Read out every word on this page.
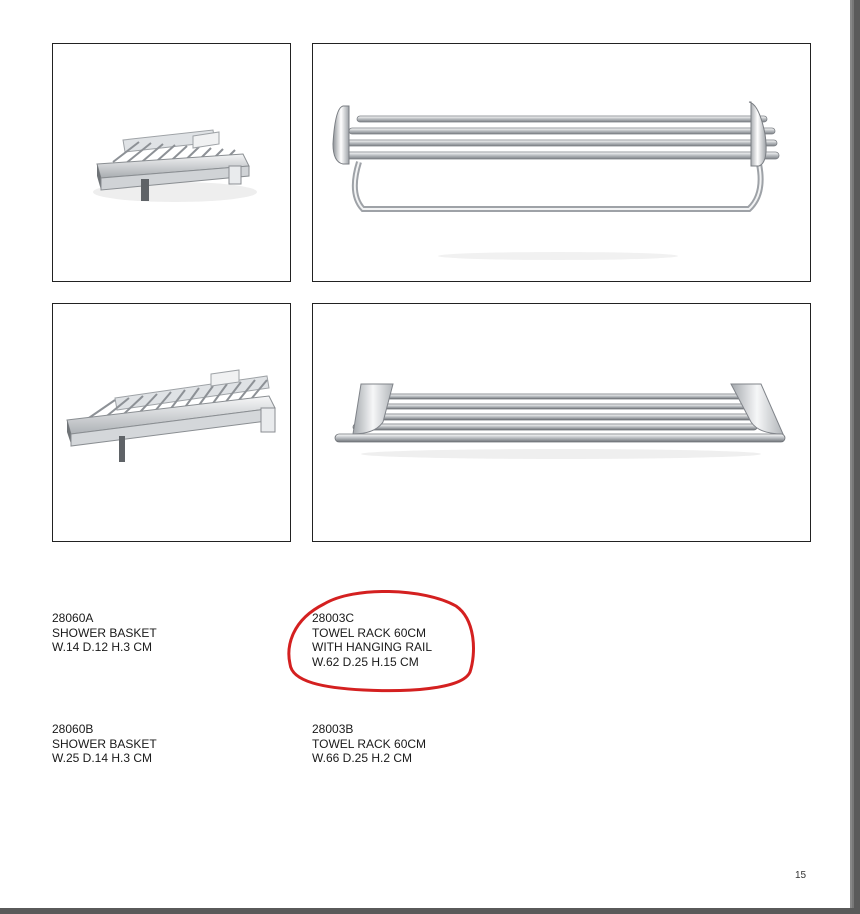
28060A
SHOWER BASKET
W.14 D.12 H.3 CM
28003C
TOWEL RACK 60CM
WITH HANGING RAIL
W.62 D.25 H.15 CM
28060B
SHOWER BASKET
W.25 D.14 H.3 CM
28003B
TOWEL RACK 60CM
W.66 D.25 H.2 CM
15
